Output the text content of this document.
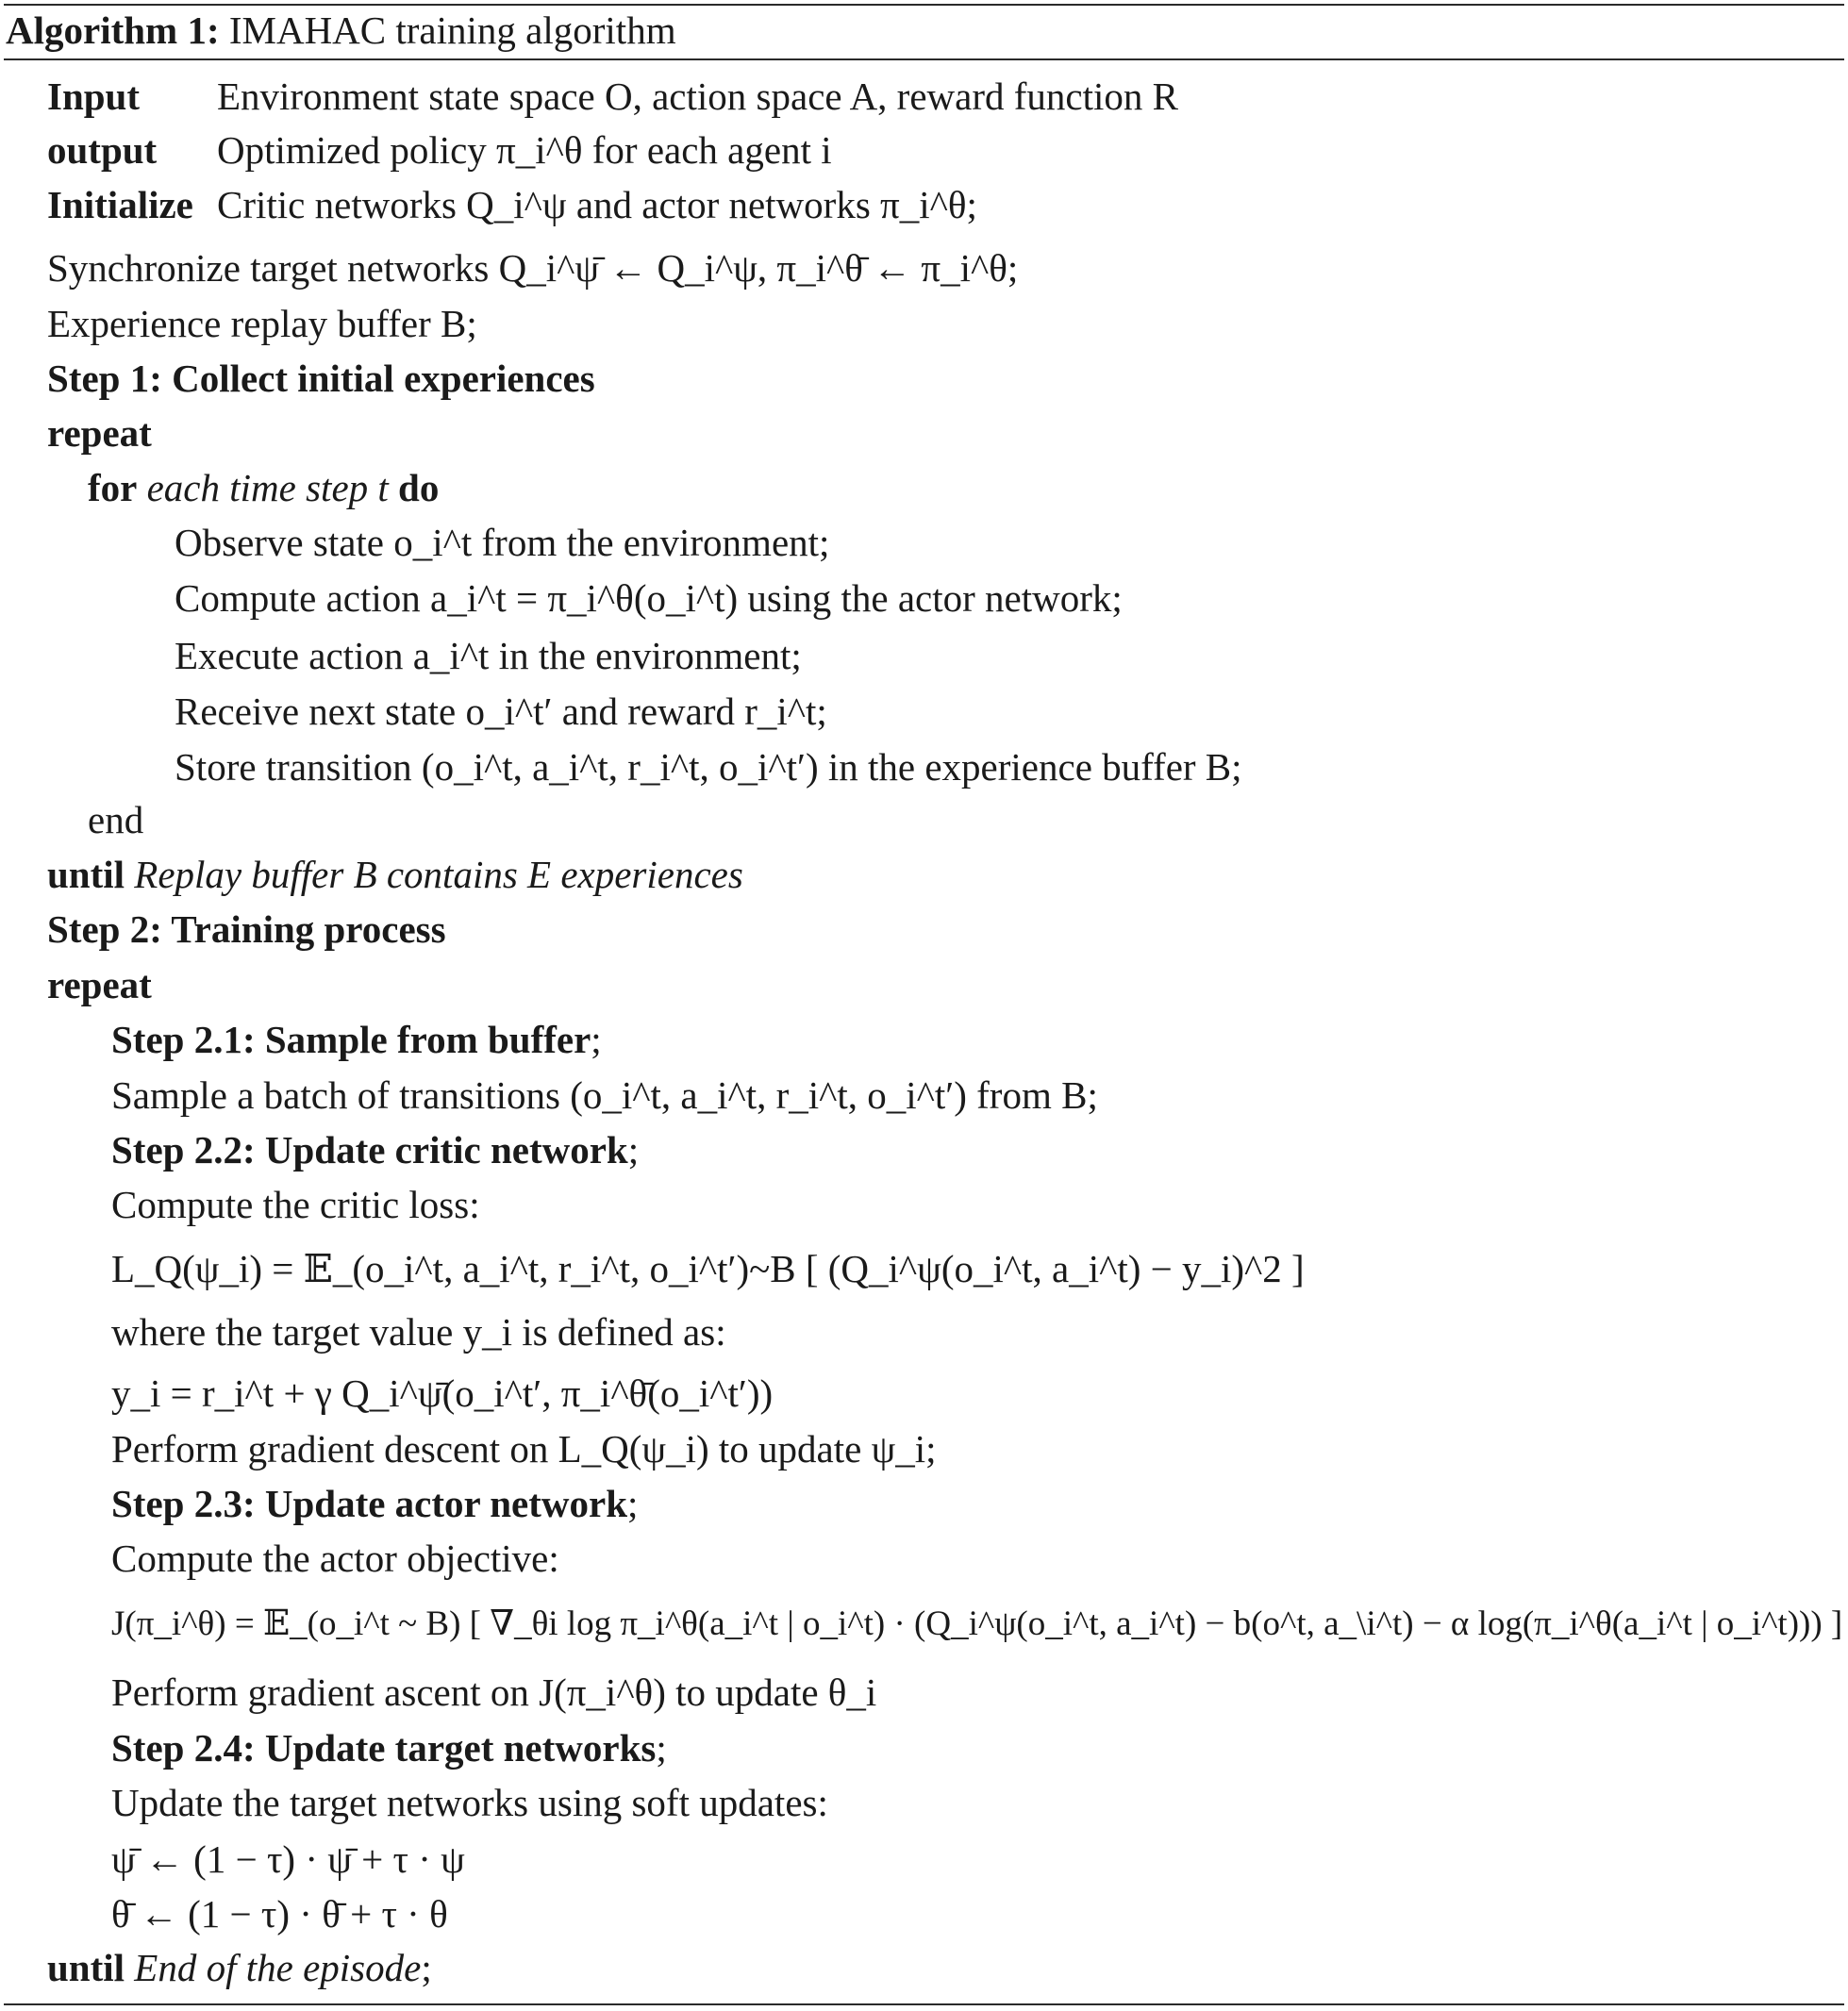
Algorithm 1: IMAHAC training algorithm
Input Environment state space O, action space A, reward function R
output Optimized policy π_i^θ for each agent i
Initialize Critic networks Q_i^ψ and actor networks π_i^θ;
Synchronize target networks Q_i^ψ̄ ← Q_i^ψ, π_i^θ̄ ← π_i^θ;
Experience replay buffer B;
Step 1: Collect initial experiences
repeat
for each time step t do
Observe state o_i^t from the environment;
Compute action a_i^t = π_i^θ(o_i^t) using the actor network;
Execute action a_i^t in the environment;
Receive next state o_i^t′ and reward r_i^t;
Store transition (o_i^t, a_i^t, r_i^t, o_i^t′) in the experience buffer B;
end
until Replay buffer B contains E experiences
Step 2: Training process
repeat
Step 2.1: Sample from buffer;
Sample a batch of transitions (o_i^t, a_i^t, r_i^t, o_i^t′) from B;
Step 2.2: Update critic network;
Compute the critic loss:
L_Q(ψ_i) = 𝔼_(o_i^t, a_i^t, r_i^t, o_i^t′)~B [ (Q_i^ψ(o_i^t, a_i^t) − y_i)^2 ]
where the target value y_i is defined as:
y_i = r_i^t + γ Q_i^ψ̄(o_i^t′, π_i^θ̄(o_i^t′))
Perform gradient descent on L_Q(ψ_i) to update ψ_i;
Step 2.3: Update actor network;
Compute the actor objective:
J(π_i^θ) = 𝔼_(o_i^t ~ B) [ ∇_θi log π_i^θ(a_i^t | o_i^t) · (Q_i^ψ(o_i^t, a_i^t) − b(o^t, a_\i^t) − α log(π_i^θ(a_i^t | o_i^t))) ]
Perform gradient ascent on J(π_i^θ) to update θ_i
Step 2.4: Update target networks;
Update the target networks using soft updates:
ψ̄ ← (1 − τ) · ψ̄ + τ · ψ
θ̄ ← (1 − τ) · θ̄ + τ · θ
until End of the episode;
